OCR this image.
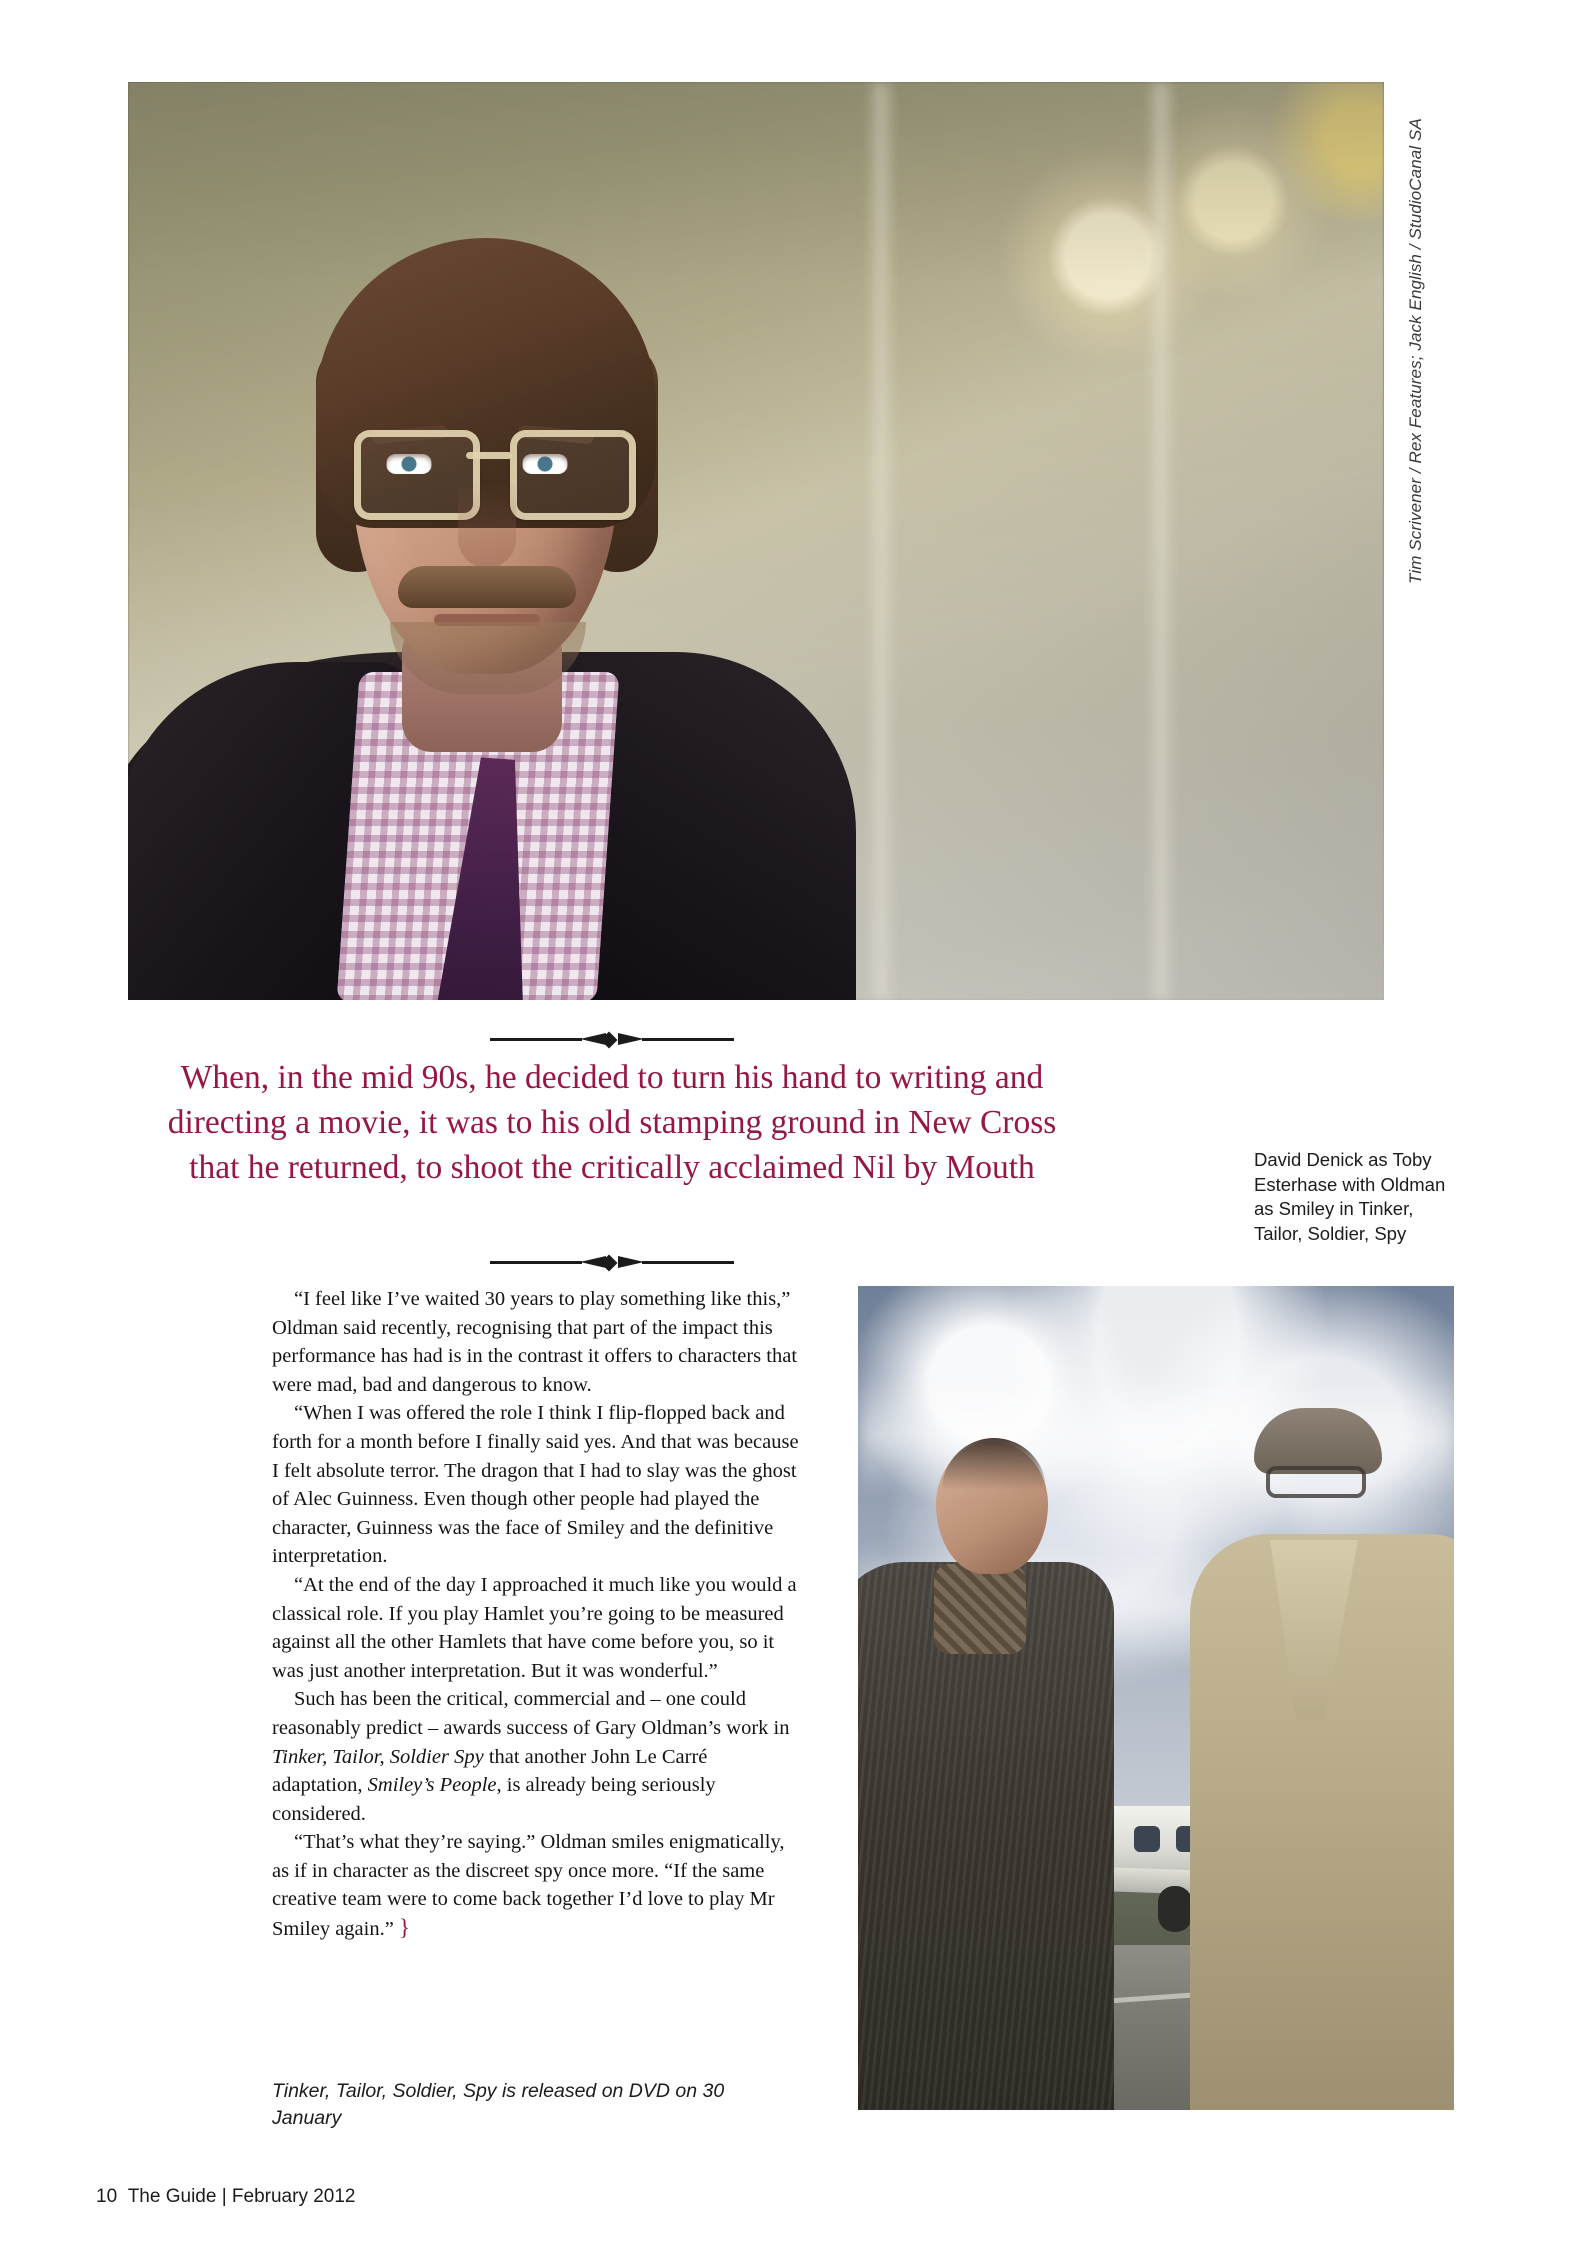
Tim Scrivener / Rex Features; Jack English / StudioCanal SA
When, in the mid 90s, he decided to turn his hand to writing and directing a movie, it was to his old stamping ground in New Cross that he returned, to shoot the critically acclaimed Nil by Mouth	David Denick as Toby Esterhase with Oldman as Smiley in Tinker, Tailor, Soldier, Spy

“I feel like I’ve waited 30 years to play something like this,” Oldman said recently, recognising that part of the impact this performance has had is in the contrast it offers to characters that were mad, bad and dangerous to know.

“When I was offered the role I think I flip-flopped back and forth for a month before I finally said yes. And that was because I felt absolute terror. The dragon that I had to slay was the ghost of Alec Guinness. Even though other people had played the character, Guinness was the face of Smiley and the definitive interpretation.

“At the end of the day I approached it much like you would a classical role. If you play Hamlet you’re going to be measured against all the other Hamlets that have come before you, so it was just another interpretation. But it was wonderful.”

Such has been the critical, commercial and – one could reasonably predict – awards success of Gary Oldman’s work in Tinker, Tailor, Soldier Spy that another John Le Carré adaptation, Smiley’s People, is already being seriously considered.

“That’s what they’re saying.” Oldman smiles enigmatically, as if in character as the discreet spy once more. “If the same creative team were to come back together I’d love to play Mr Smiley again.” }

Tinker, Tailor, Soldier, Spy is released on DVD on 30 January
10 The Guide | February 2012
